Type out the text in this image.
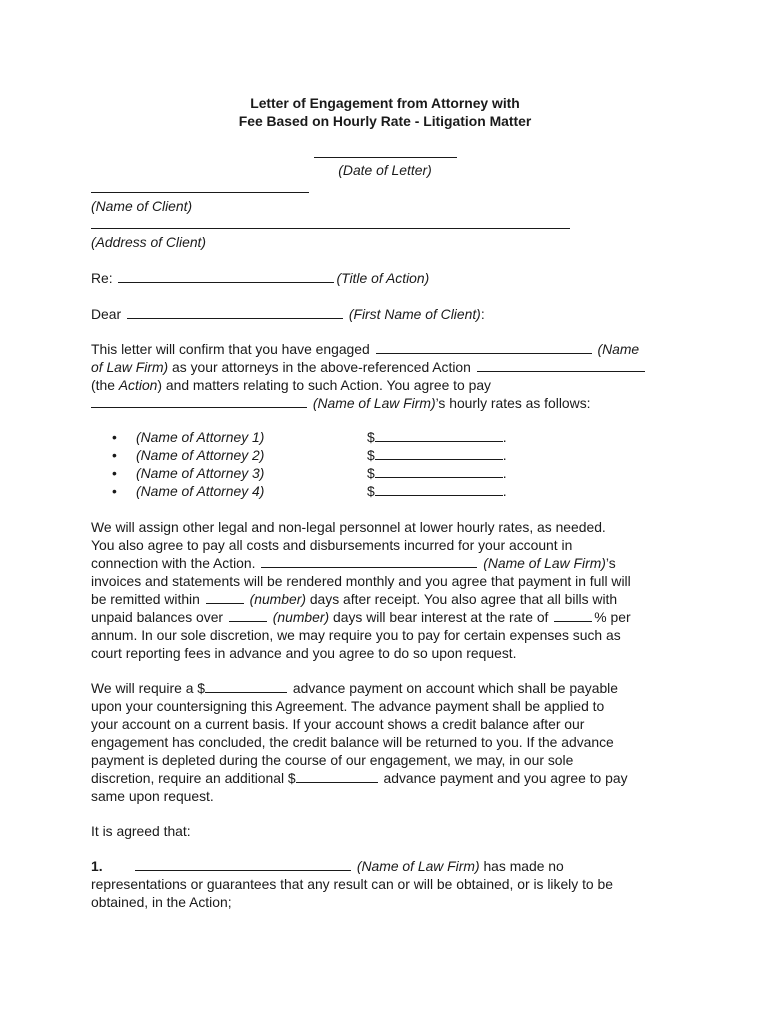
Letter of Engagement from Attorney with
Fee Based on Hourly Rate - Litigation Matter
(Date of Letter)
(Name of Client)
(Address of Client)
Re:	(Title of Action)
Dear	(First Name of Client):
This letter will confirm that you have engaged	(Name
of Law Firm) as your attorneys in the above-referenced Action
(the Action) and matters relating to such Action. You agree to pay
(Name of Law Firm)’s hourly rates as follows:
• (Name of Attorney 1)	$	.
• (Name of Attorney 2)	$	.
• (Name of Attorney 3)	$	.
• (Name of Attorney 4)	$	.
We will assign other legal and non-legal personnel at lower hourly rates, as needed.
You also agree to pay all costs and disbursements incurred for your account in
connection with the Action.	(Name of Law Firm)’s
invoices and statements will be rendered monthly and you agree that payment in full will
be remitted within	(number) days after receipt. You also agree that all bills with
unpaid balances over	(number) days will bear interest at the rate of	% per
annum. In our sole discretion, we may require you to pay for certain expenses such as
court reporting fees in advance and you agree to do so upon request.
We will require a $	advance payment on account which shall be payable
upon your countersigning this Agreement. The advance payment shall be applied to
your account on a current basis. If your account shows a credit balance after our
engagement has concluded, the credit balance will be returned to you. If the advance
payment is depleted during the course of our engagement, we may, in our sole
discretion, require an additional $	advance payment and you agree to pay
same upon request.
It is agreed that:
1.	(Name of Law Firm) has made no
representations or guarantees that any result can or will be obtained, or is likely to be
obtained, in the Action;
